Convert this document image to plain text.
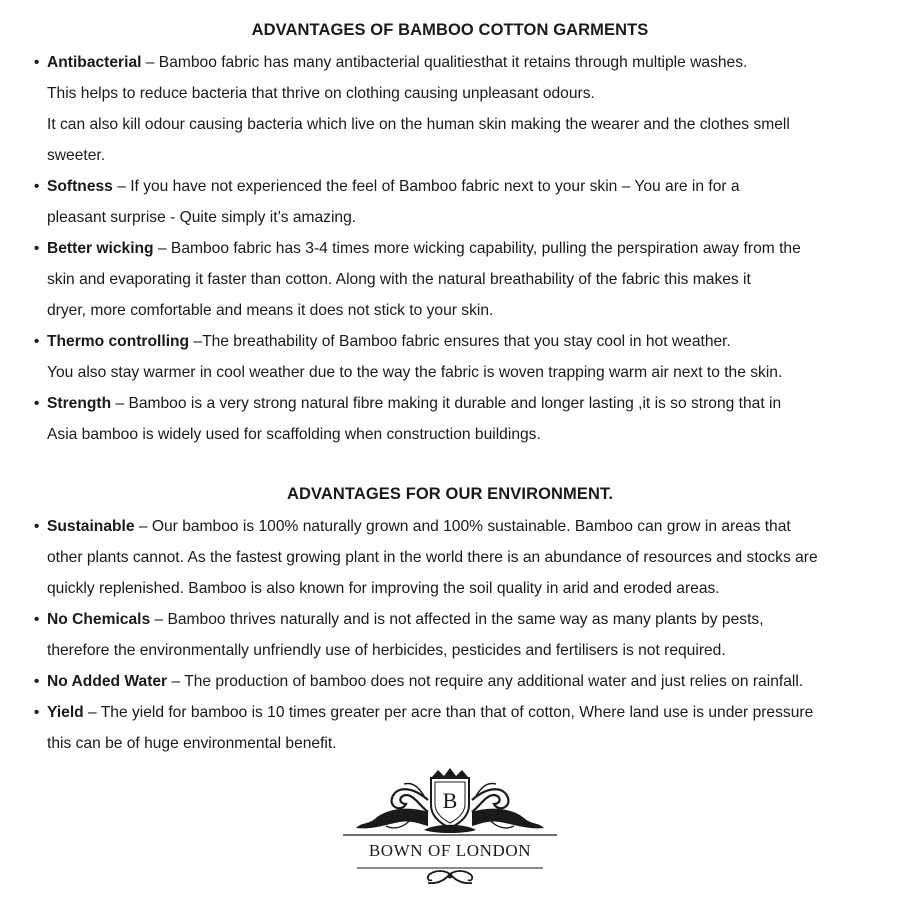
ADVANTAGES OF BAMBOO COTTON GARMENTS
• Antibacterial – Bamboo fabric has many antibacterial qualitiesthat it retains through multiple washes.
This helps to reduce bacteria that thrive on clothing causing unpleasant odours.
It can also kill odour causing bacteria which live on the human skin making the wearer and the clothes smell
sweeter.
• Softness – If you have not experienced the feel of Bamboo fabric next to your skin – You are in for a
pleasant surprise - Quite simply it’s amazing.
• Better wicking – Bamboo fabric has 3-4 times more wicking capability, pulling the perspiration away from the
skin and evaporating it faster than cotton. Along with the natural breathability of the fabric this makes it
dryer, more comfortable and means it does not stick to your skin.
• Thermo controlling –The breathability of Bamboo fabric ensures that you stay cool in hot weather.
You also stay warmer in cool weather due to the way the fabric is woven trapping warm air next to the skin.
• Strength – Bamboo is a very strong natural fibre making it durable and longer lasting ,it is so strong that in
Asia bamboo is widely used for scaffolding when construction buildings.
ADVANTAGES FOR OUR ENVIRONMENT.
• Sustainable – Our bamboo is 100% naturally grown and 100% sustainable. Bamboo can grow in areas that
other plants cannot. As the fastest growing plant in the world there is an abundance of resources and stocks are
quickly replenished. Bamboo is also known for improving the soil quality in arid and eroded areas.
• No Chemicals – Bamboo thrives naturally and is not affected in the same way as many plants by pests,
therefore the environmentally unfriendly use of herbicides, pesticides and fertilisers is not required.
• No Added Water – The production of bamboo does not require any additional water and just relies on rainfall.
• Yield – The yield for bamboo is 10 times greater per acre than that of cotton, Where land use is under pressure
this can be of huge environmental benefit.
B
BOWN OF LONDON
